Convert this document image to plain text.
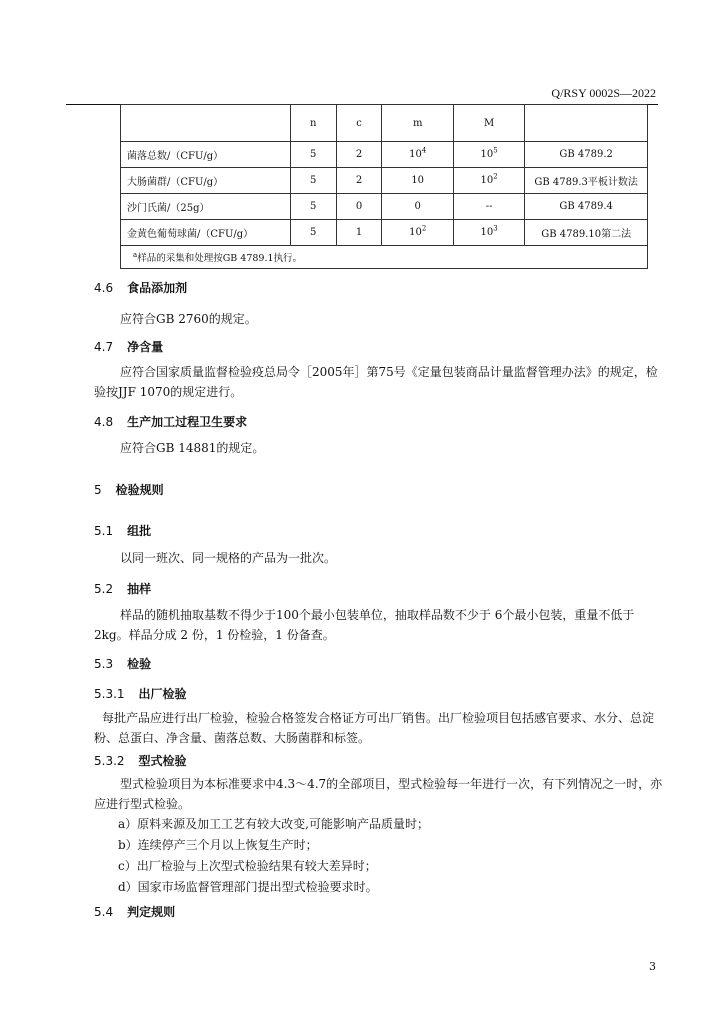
Q/RSY 0002S—2022
	n	c	m	M	
菌落总数/（CFU/g）	5	2	$10^4$	$10^5$	GB 4789.2
大肠菌群/（CFU/g）	5	2	10	$10^2$	GB 4789.3平板计数法
沙门氏菌/（25g）	5	0	0	--	GB 4789.4
金黄色葡萄球菌/（CFU/g）	5	1	$10^2$	$10^3$	GB 4789.10第二法
$^a$样品的采集和处理按GB 4789.1执行。					
4.6 食品添加剂
应符合GB 2760的规定。
4.7 净含量
应符合国家质量监督检验疫总局令［2005年］第75号《定量包装商品计量监督管理办法》的规定，检验按JJF 1070的规定进行。
4.8 生产加工过程卫生要求
应符合GB 14881的规定。
5 检验规则
5.1 组批
以同一班次、同一规格的产品为一批次。
5.2 抽样
样品的随机抽取基数不得少于100个最小包装单位，抽取样品数不少于 6个最小包装，重量不低于 2kg。样品分成 2 份，1 份检验，1 份备查。
5.3 检验
5.3.1 出厂检验
每批产品应进行出厂检验，检验合格签发合格证方可出厂销售。出厂检验项目包括感官要求、水分、总淀粉、总蛋白、净含量、菌落总数、大肠菌群和标签。
5.3.2 型式检验
型式检验项目为本标准要求中4.3～4.7的全部项目，型式检验每一年进行一次，有下列情况之一时，亦应进行型式检验。
a）原料来源及加工工艺有较大改变,可能影响产品质量时；
b）连续停产三个月以上恢复生产时；
c）出厂检验与上次型式检验结果有较大差异时；
d）国家市场监督管理部门提出型式检验要求时。
5.4 判定规则
3
